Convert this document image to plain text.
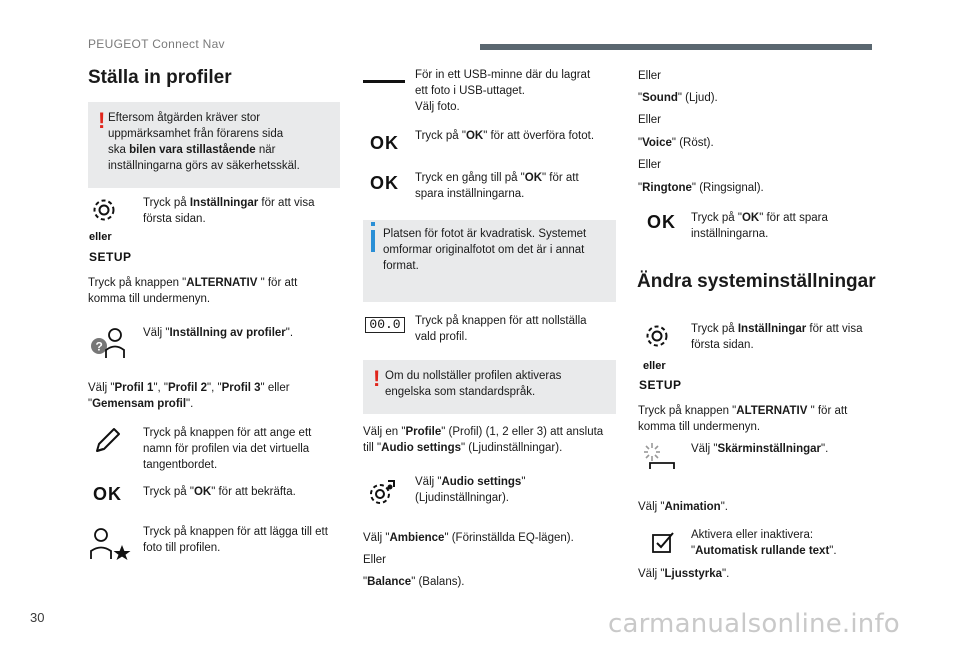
PEUGEOT Connect Nav
Ställa in profiler
! Eftersom åtgärden kräver stor
uppmärksamhet från förarens sida
ska bilen vara stillastående när
inställningarna görs av säkerhetsskäl.
eller
SETUP
Tryck på Inställningar för att visa
första sidan.
Tryck på knappen "ALTERNATIV " för att
komma till undermenyn.
?
Välj "Inställning av profiler".
Välj "Profil 1", "Profil 2", "Profil 3" eller
"Gemensam profil".
Tryck på knappen för att ange ett
namn för profilen via det virtuella
tangentbordet.
OK Tryck på "OK" för att bekräfta.
Tryck på knappen för att lägga till ett
foto till profilen.
För in ett USB-minne där du lagrat
ett foto i USB-uttaget.
Välj foto.
OK Tryck på "OK" för att överföra fotot.
OK Tryck en gång till på "OK" för att
spara inställningarna.
Platsen för fotot är kvadratisk. Systemet
omformar originalfotot om det är i annat
format.
00.0	Tryck på knappen för att nollställa
vald profil.
! Om du nollställer profilen aktiveras
engelska som standardspråk.
Välj en "Profile" (Profil) (1, 2 eller 3) att ansluta
till "Audio settings" (Ljudinställningar).
Välj "Audio settings"
(Ljudinställningar).
Välj "Ambience" (Förinställda EQ-lägen).
Eller
"Balance" (Balans).
Eller
"Sound" (Ljud).
Eller
"Voice" (Röst).
Eller
"Ringtone" (Ringsignal).
OK Tryck på "OK" för att spara
inställningarna.
Ändra systeminställningar
eller
SETUP
Tryck på Inställningar för att visa
första sidan.
Tryck på knappen "ALTERNATIV " för att
komma till undermenyn.
Välj "Skärminställningar".
Välj "Animation".
Aktivera eller inaktivera:
"Automatisk rullande text".
Välj "Ljusstyrka".
30	carmanualsonline.info
